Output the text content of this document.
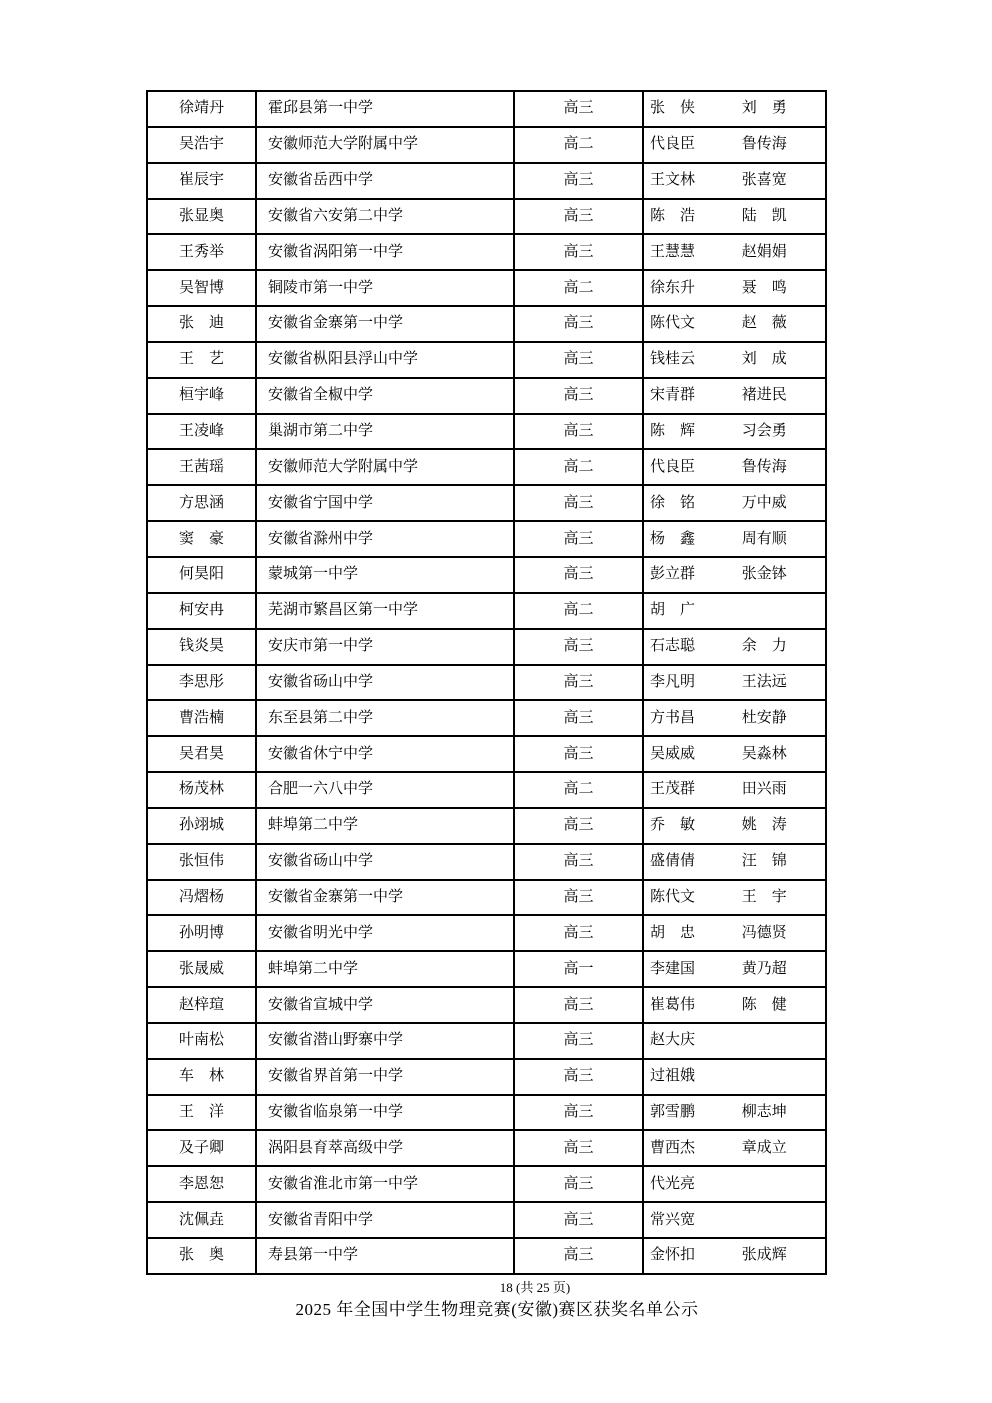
徐靖丹	霍邱县第一中学	高三	张　侠 刘　勇
吴浩宇	安徽师范大学附属中学	高二	代良臣 鲁传海
崔辰宇	安徽省岳西中学	高三	王文林 张喜宽
张显奥	安徽省六安第二中学	高三	陈　浩 陆　凯
王秀举	安徽省涡阳第一中学	高三	王慧慧 赵娟娟
吴智博	铜陵市第一中学	高二	徐东升 聂　鸣
张　迪	安徽省金寨第一中学	高三	陈代文 赵　薇
王　艺	安徽省枞阳县浮山中学	高三	钱桂云 刘　成
桓宇峰	安徽省全椒中学	高三	宋青群 褚进民
王凌峰	巢湖市第二中学	高三	陈　辉 习会勇
王茜瑶	安徽师范大学附属中学	高二	代良臣 鲁传海
方思涵	安徽省宁国中学	高三	徐　铭 万中威
窦　豪	安徽省滁州中学	高三	杨　鑫 周有顺
何昊阳	蒙城第一中学	高三	彭立群 张金钵
柯安冉	芜湖市繁昌区第一中学	高二	胡　广
钱炎昊	安庆市第一中学	高三	石志聪 余　力
李思彤	安徽省砀山中学	高三	李凡明 王法远
曹浩楠	东至县第二中学	高三	方书昌 杜安静
吴君昊	安徽省休宁中学	高三	吴威威 吴淼林
杨茂林	合肥一六八中学	高二	王茂群 田兴雨
孙翊城	蚌埠第二中学	高三	乔　敏 姚　涛
张恒伟	安徽省砀山中学	高三	盛倩倩 汪　锦
冯熠杨	安徽省金寨第一中学	高三	陈代文 王　宇
孙明博	安徽省明光中学	高三	胡　忠 冯德贤
张晟威	蚌埠第二中学	高一	李建国 黄乃超
赵梓瑄	安徽省宣城中学	高三	崔葛伟 陈　健
叶南松	安徽省潜山野寨中学	高三	赵大庆
车　林	安徽省界首第一中学	高三	过祖娥
王　洋	安徽省临泉第一中学	高三	郭雪鹏 柳志坤
及子卿	涡阳县育萃高级中学	高三	曹西杰 章成立
李恩恕	安徽省淮北市第一中学	高三	代光亮
沈佩垚	安徽省青阳中学	高三	常兴宽
张　奥	寿县第一中学	高三	金怀扣 张成辉
18 (共 25 页)
2025 年全国中学生物理竞赛(安徽)赛区获奖名单公示
